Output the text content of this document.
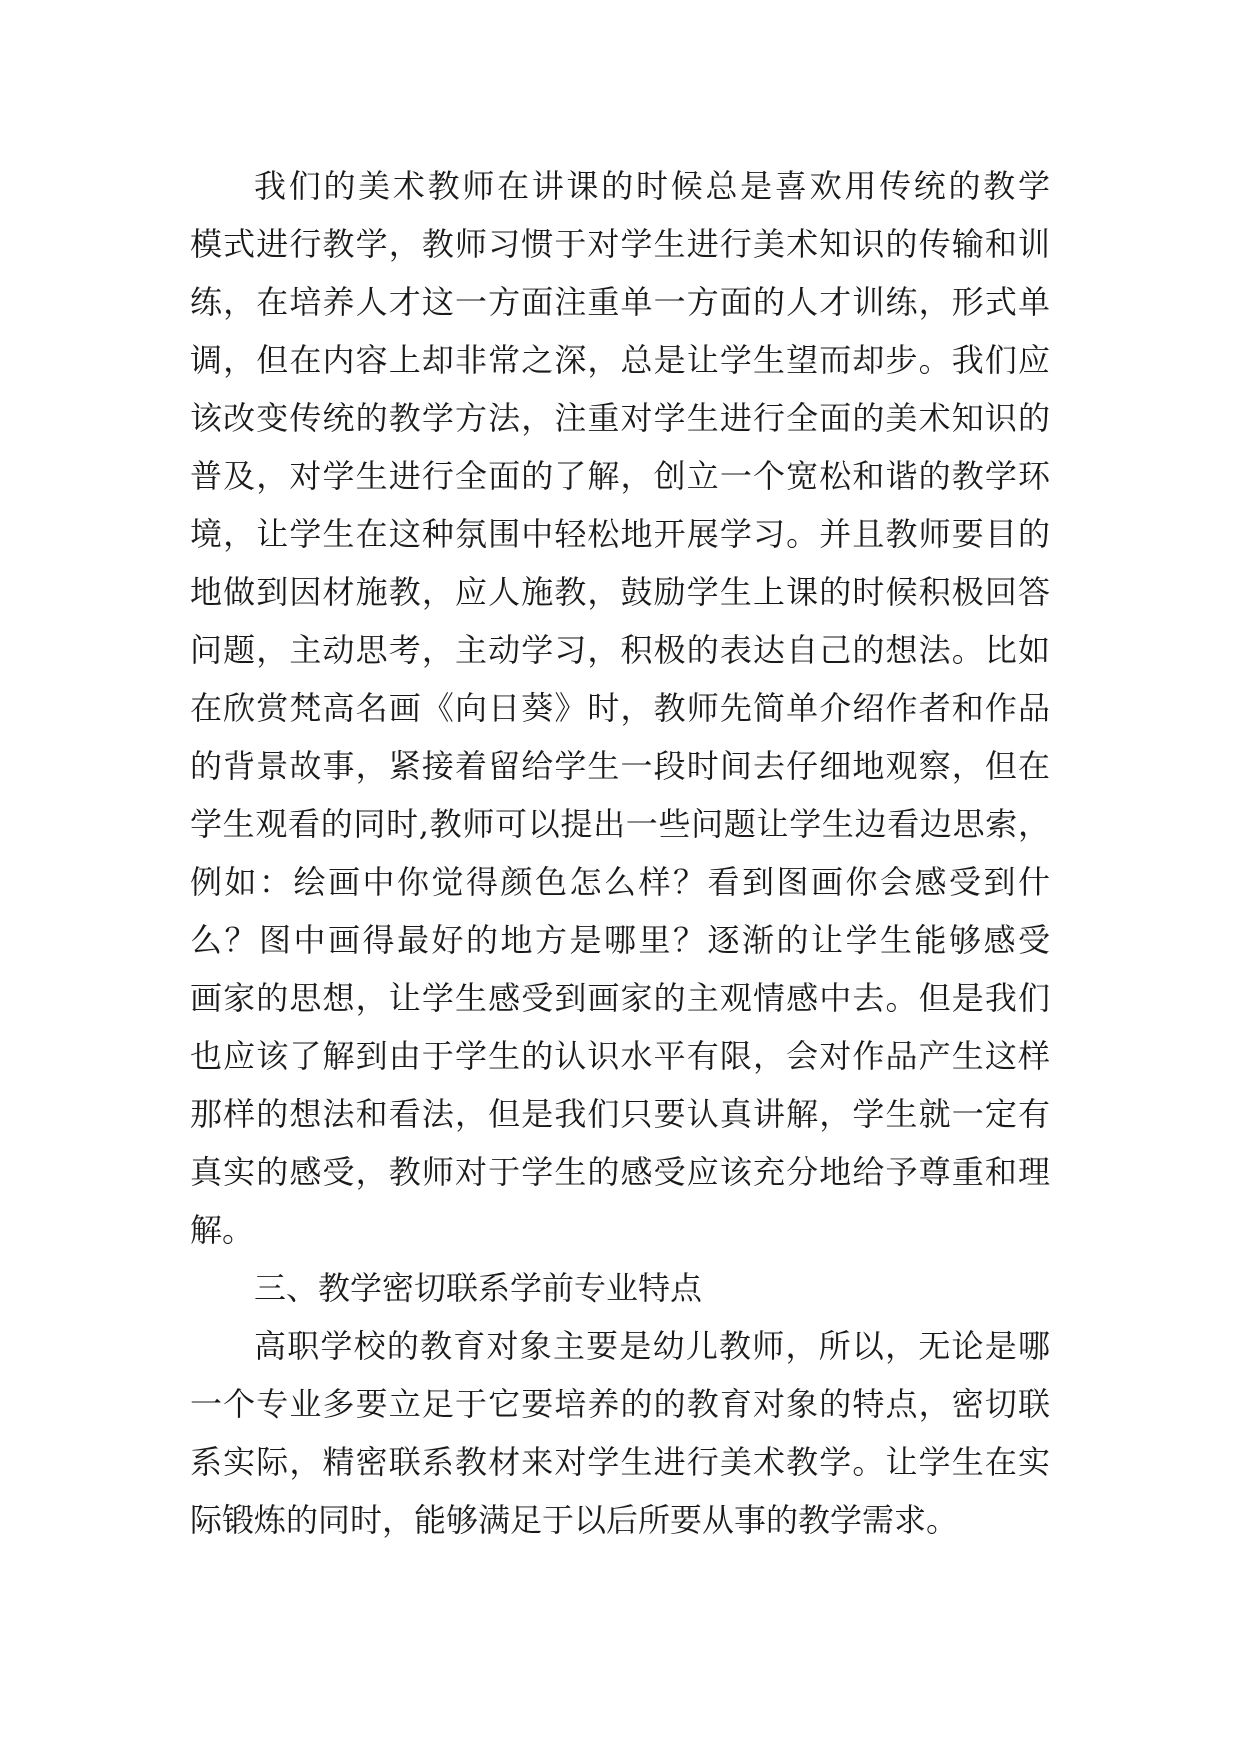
我们的美术教师在讲课的时候总是喜欢用传统的教学
模式进行教学，教师习惯于对学生进行美术知识的传输和训
练，在培养人才这一方面注重单一方面的人才训练，形式单
调，但在内容上却非常之深，总是让学生望而却步。我们应
该改变传统的教学方法，注重对学生进行全面的美术知识的
普及，对学生进行全面的了解，创立一个宽松和谐的教学环
境，让学生在这种氛围中轻松地开展学习。并且教师要目的
地做到因材施教，应人施教，鼓励学生上课的时候积极回答
问题，主动思考，主动学习，积极的表达自己的想法。比如
在欣赏梵高名画《向日葵》时，教师先简单介绍作者和作品
的背景故事，紧接着留给学生一段时间去仔细地观察，但在
学生观看的同时,教师可以提出一些问题让学生边看边思索，
例如：绘画中你觉得颜色怎么样？看到图画你会感受到什
么？图中画得最好的地方是哪里？逐渐的让学生能够感受
画家的思想，让学生感受到画家的主观情感中去。但是我们
也应该了解到由于学生的认识水平有限，会对作品产生这样
那样的想法和看法，但是我们只要认真讲解，学生就一定有
真实的感受，教师对于学生的感受应该充分地给予尊重和理
解。
三、教学密切联系学前专业特点
高职学校的教育对象主要是幼儿教师，所以，无论是哪
一个专业多要立足于它要培养的的教育对象的特点，密切联
系实际，精密联系教材来对学生进行美术教学。让学生在实
际锻炼的同时，能够满足于以后所要从事的教学需求。
